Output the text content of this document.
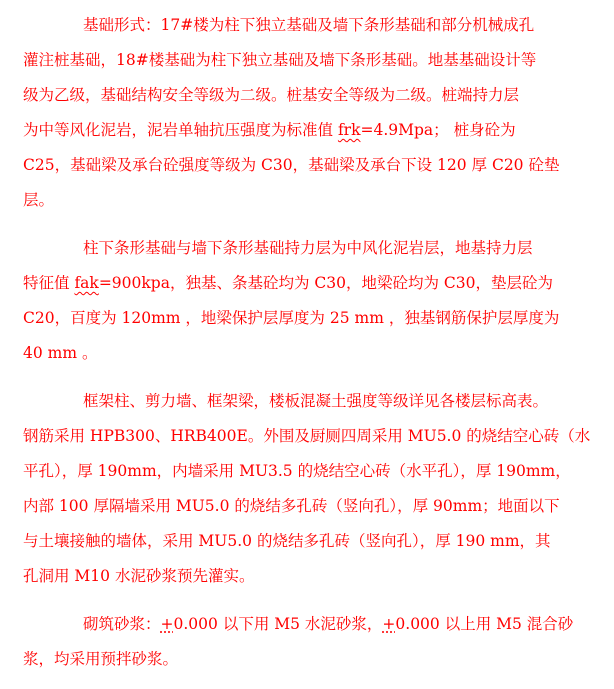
基础形式：17#楼为柱下独立基础及墙下条形基础和部分机械成孔
灌注桩基础，18#楼基础为柱下独立基础及墙下条形基础。地基基础设计等
级为乙级，基础结构安全等级为二级。桩基安全等级为二级。桩端持力层
为中等风化泥岩，泥岩单轴抗压强度为标准值 frk=4.9Mpa； 桩身砼为
C25，基础梁及承台砼强度等级为 C30，基础梁及承台下设 120 厚 C20 砼垫
层。
柱下条形基础与墙下条形基础持力层为中风化泥岩层，地基持力层
特征值 fak=900kpa，独基、条基砼均为 C30，地梁砼均为 C30，垫层砼为
C20，百度为 120mm ，地梁保护层厚度为 25 mm ，独基钢筋保护层厚度为
40 mm 。
框架柱、剪力墙、框架梁，楼板混凝土强度等级详见各楼层标高表。
钢筋采用 HPB300、HRB400E。外围及厨厕四周采用 MU5.0 的烧结空心砖（水
平孔），厚 190mm，内墙采用 MU3.5 的烧结空心砖（水平孔），厚 190mm，
内部 100 厚隔墙采用 MU5.0 的烧结多孔砖（竖向孔），厚 90mm；地面以下
与土壤接触的墙体，采用 MU5.0 的烧结多孔砖（竖向孔），厚 190 mm，其
孔洞用 M10 水泥砂浆预先灌实。
砌筑砂浆：+0.000 以下用 M5 水泥砂浆，+0.000 以上用 M5 混合砂
浆，均采用预拌砂浆。
